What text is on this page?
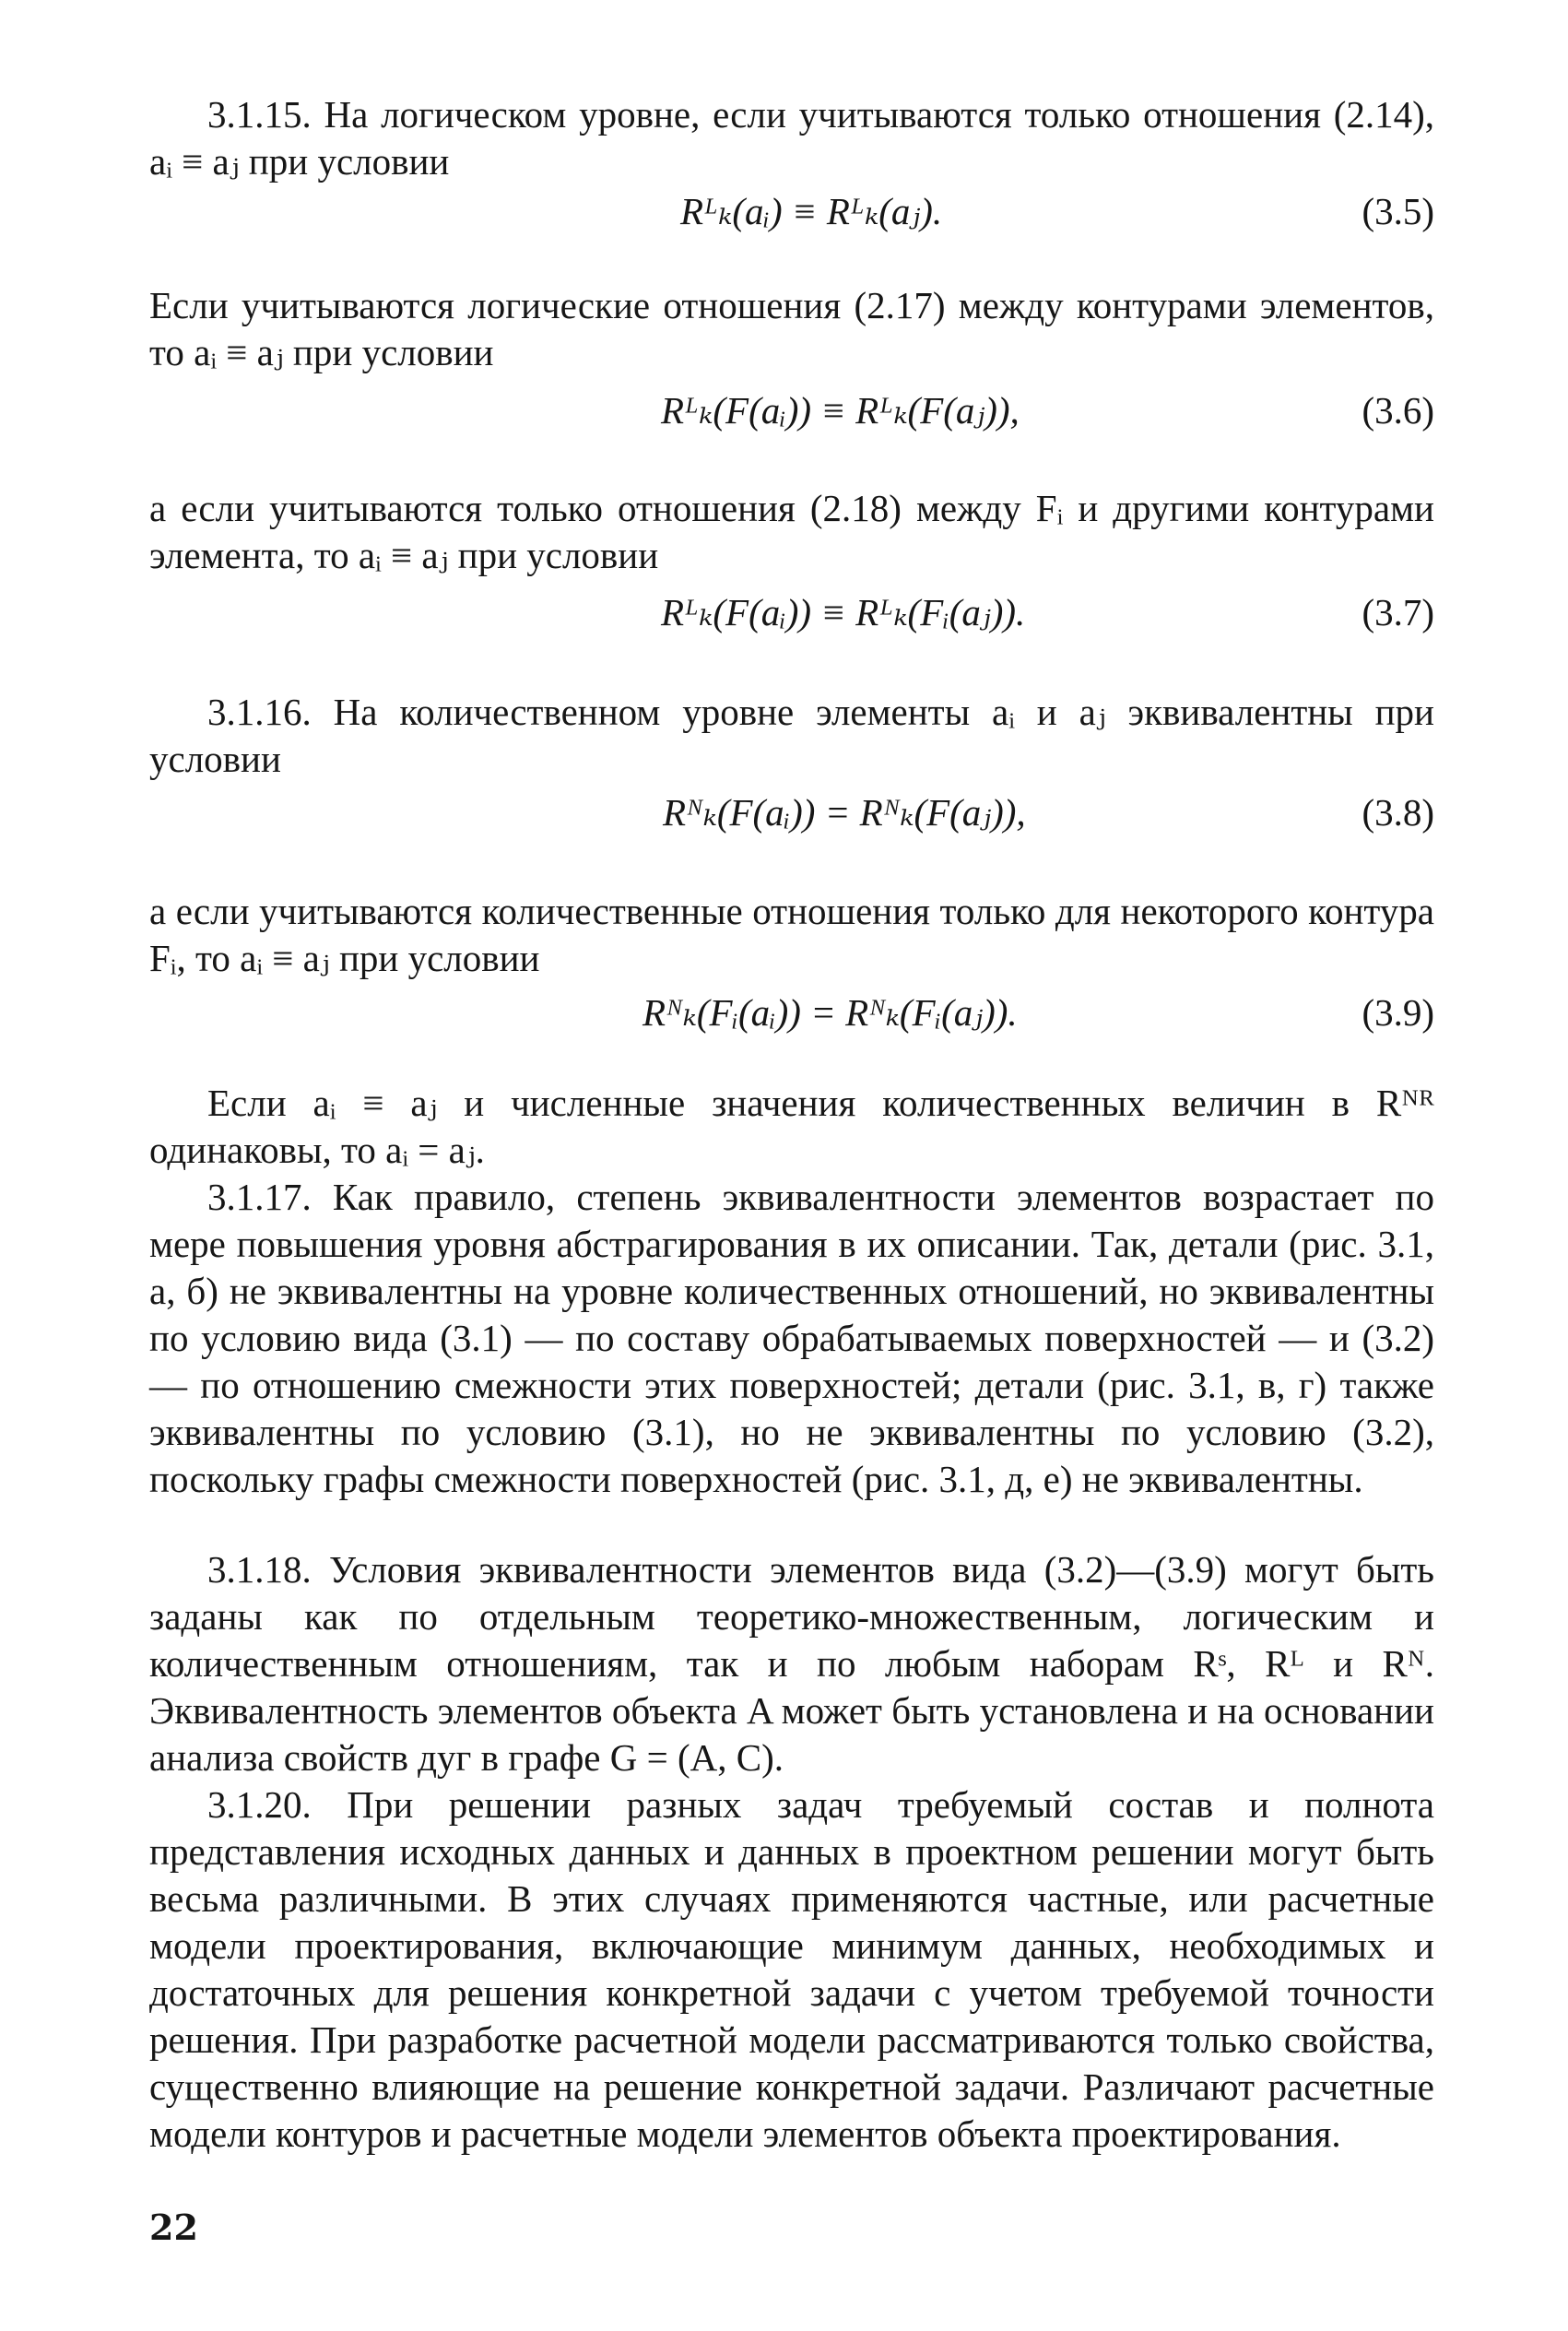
3.1.15. На логическом уровне, если учитываются только отношения (2.14), aᵢ ≡ aⱼ при условии

Rᴸₖ(aᵢ) ≡ Rᴸₖ(aⱼ).	(3.5)

Если учитываются логические отношения (2.17) между контурами элементов, то aᵢ ≡ aⱼ при условии

Rᴸₖ(F(aᵢ)) ≡ Rᴸₖ(F(aⱼ)),	(3.6)

а если учитываются только отношения (2.18) между Fᵢ и другими контурами элемента, то aᵢ ≡ aⱼ при условии

Rᴸₖ(F(aᵢ)) ≡ Rᴸₖ(Fᵢ(aⱼ)).	(3.7)

3.1.16. На количественном уровне элементы aᵢ и aⱼ эквивалентны при условии

Rᴺₖ(F(aᵢ)) = Rᴺₖ(F(aⱼ)),	(3.8)

а если учитываются количественные отношения только для некоторого контура Fᵢ, то aᵢ ≡ aⱼ при условии

Rᴺₖ(Fᵢ(aᵢ)) = Rᴺₖ(Fᵢ(aⱼ)).	(3.9)

Если aᵢ ≡ aⱼ и численные значения количественных величин в Rᴺᴿ одинаковы, то aᵢ = aⱼ.

3.1.17. Как правило, степень эквивалентности элементов возрастает по мере повышения уровня абстрагирования в их описании. Так, детали (рис. 3.1, а, б) не эквивалентны на уровне количественных отношений, но эквивалентны по условию вида (3.1) — по составу обрабатываемых поверхностей — и (3.2) — по отношению смежности этих поверхностей; детали (рис. 3.1, в, г) также эквивалентны по условию (3.1), но не эквивалентны по условию (3.2), поскольку графы смежности поверхностей (рис. 3.1, д, е) не эквивалентны.

3.1.18. Условия эквивалентности элементов вида (3.2)—(3.9) могут быть заданы как по отдельным теоретико-множественным, логическим и количественным отношениям, так и по любым наборам Rˢ, Rᴸ и Rᴺ. Эквивалентность элементов объекта A может быть установлена и на основании анализа свойств дуг в графе G = (A, C).

3.1.20. При решении разных задач требуемый состав и полнота представления исходных данных и данных в проектном решении могут быть весьма различными. В этих случаях применяются частные, или расчетные модели проектирования, включающие минимум данных, необходимых и достаточных для решения конкретной задачи с учетом требуемой точности решения. При разработке расчетной модели рассматриваются только свойства, существенно влияющие на решение конкретной задачи. Различают расчетные модели контуров и расчетные модели элементов объекта проектирования.

22
